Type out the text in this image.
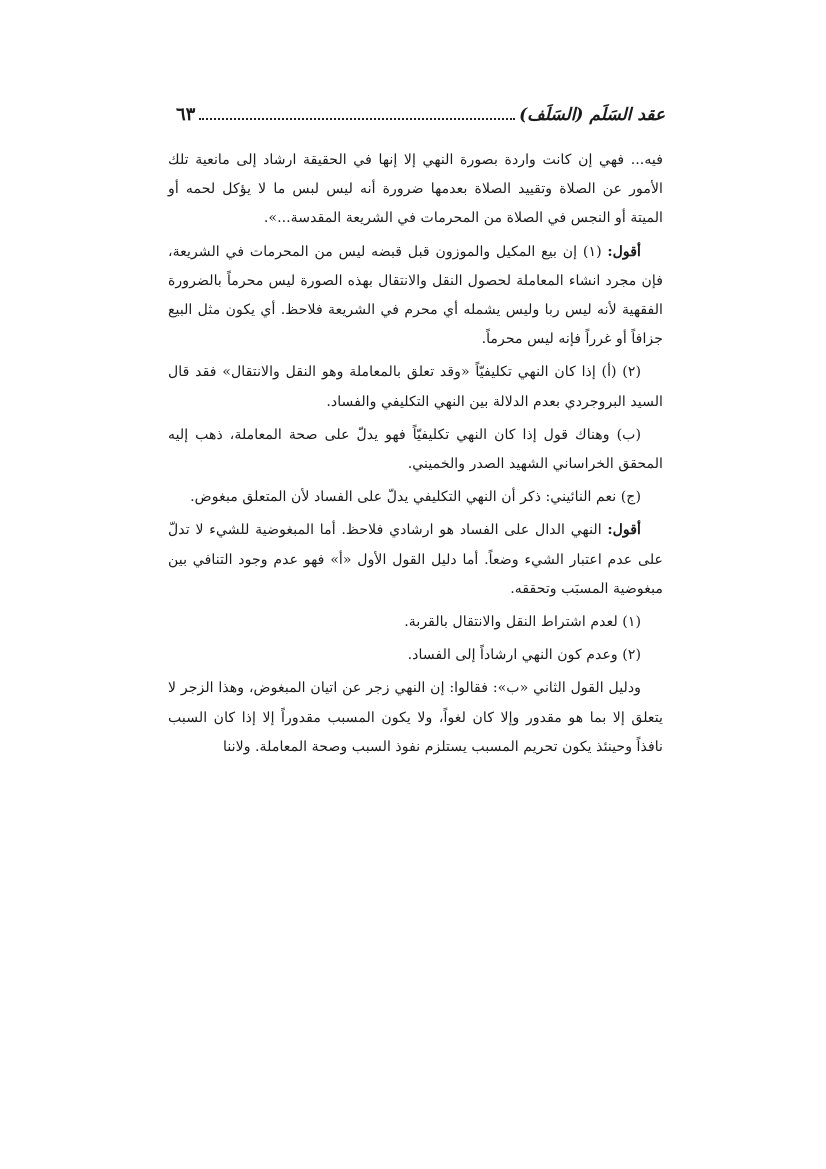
عقد السَلَم (السَلَف)
٦٣

فيه... فهي إن كانت واردة بصورة النهي إلا إنها في الحقيقة ارشاد إلى مانعية تلك الأمور عن الصلاة وتقييد الصلاة بعدمها ضرورة أنه ليس لبس ما لا يؤكل لحمه أو الميتة أو النجس في الصلاة من المحرمات في الشريعة المقدسة...».

أقول: (١) إن بيع المكيل والموزون قبل قبضه ليس من المحرمات في الشريعة، فإن مجرد انشاء المعاملة لحصول النقل والانتقال بهذه الصورة ليس محرماً بالضرورة الفقهية لأنه ليس ربا وليس يشمله أي محرم في الشريعة فلاحظ. أي يكون مثل البيع جزافاً أو غرراً فإنه ليس محرماً.

(٢) (أ) إذا كان النهي تكليفيّاً «وقد تعلق بالمعاملة وهو النقل والانتقال» فقد قال السيد البروجردي بعدم الدلالة بين النهي التكليفي والفساد.

(ب) وهناك قول إذا كان النهي تكليفيّاً فهو يدلّ على صحة المعاملة، ذهب إليه المحقق الخراساني الشهيد الصدر والخميني.

(ج) نعم النائيني: ذكر أن النهي التكليفي يدلّ على الفساد لأن المتعلق مبغوض.

أقول: النهي الدال على الفساد هو ارشادي فلاحظ. أما المبغوضية للشيء لا تدلّ على عدم اعتبار الشيء وضعاً. أما دليل القول الأول «أ» فهو عدم وجود التنافي بين مبغوضية المسبَب وتحققه.

(١) لعدم اشتراط النقل والانتقال بالقربة.

(٢) وعدم كون النهي ارشاداً إلى الفساد.

ودليل القول الثاني «ب»: فقالوا: إن النهي زجر عن اتيان المبغوض، وهذا الزجر لا يتعلق إلا بما هو مقدور وإلا كان لغواً، ولا يكون المسبب مقدوراً إلا إذا كان السبب نافذاً وحينئذ يكون تحريم المسبب يستلزم نفوذ السبب وصحة المعاملة. ولاننا
